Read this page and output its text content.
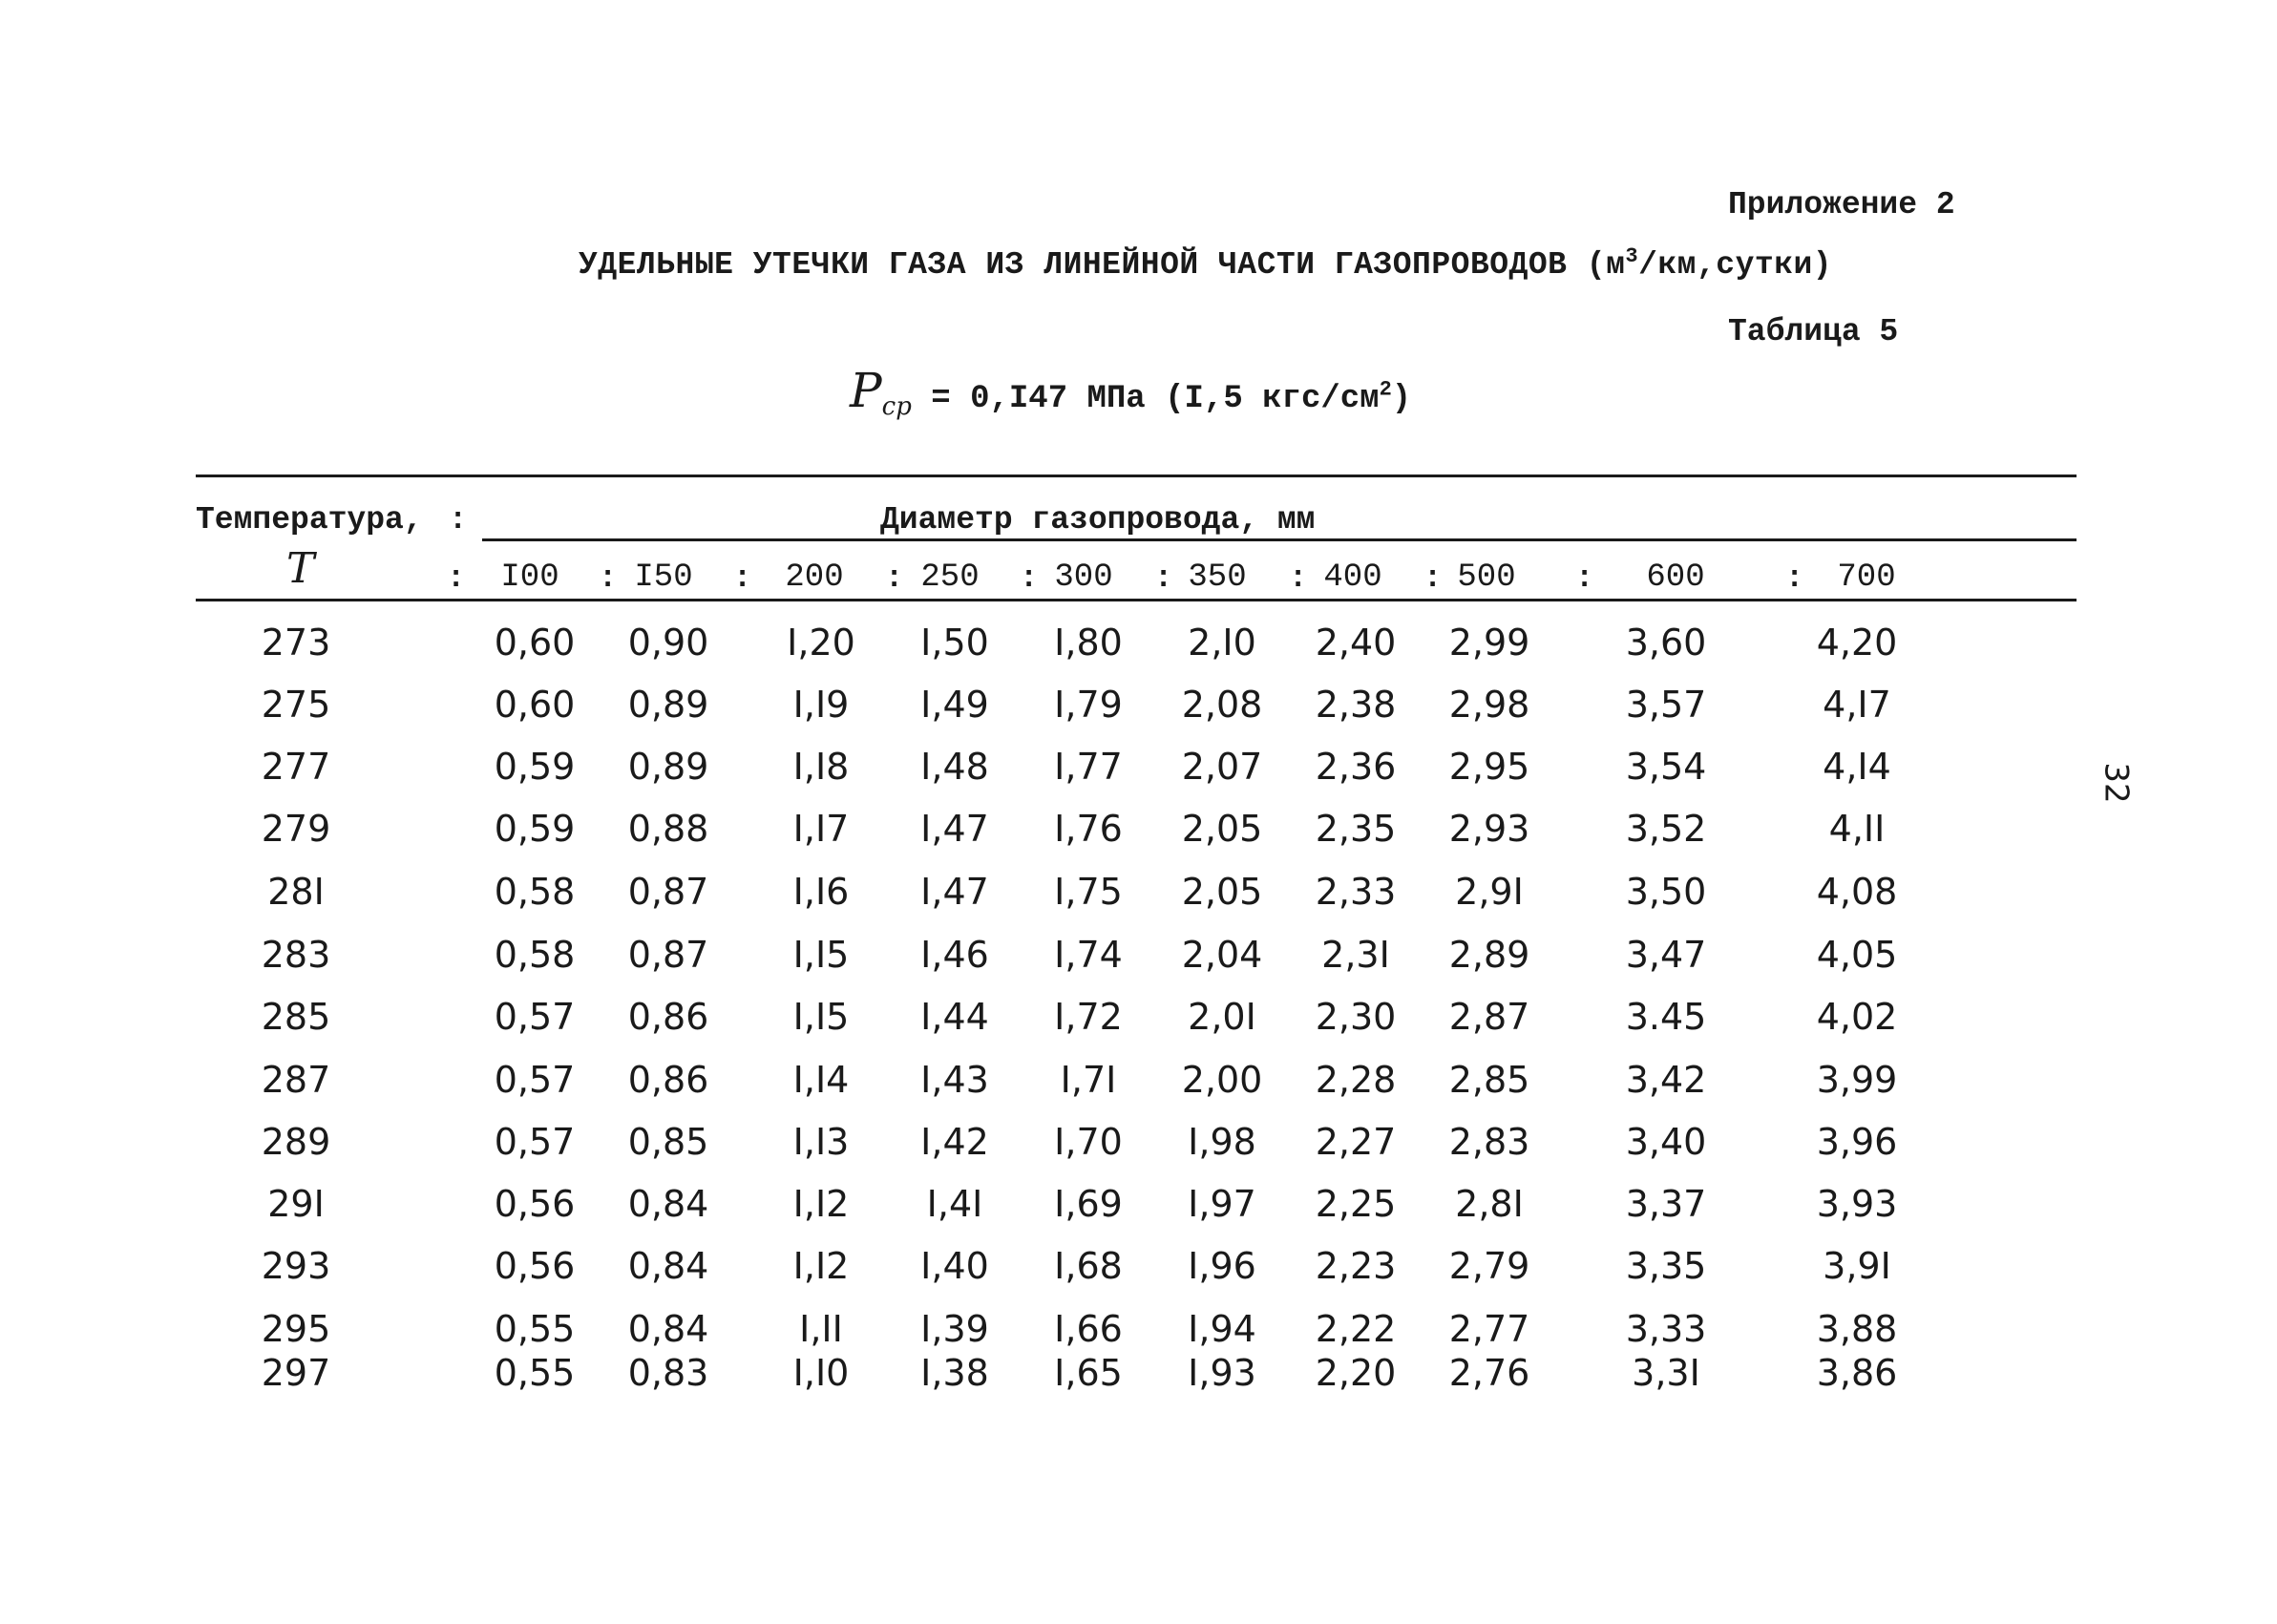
Приложение 2
УДЕЛЬНЫЕ УТЕЧКИ ГАЗА ИЗ ЛИНЕЙНОЙ ЧАСТИ ГАЗОПРОВОДОВ $(м^3/км,сутки)$
Таблица 5
$P_{ср} = 0,I47$ МПа (I,5 кгс/$см^2$)
32
Температура, :	Диаметр газопровода, мм
T	:	:	:	:	:	:	:	:	:	:
I00	I50	200	250	300	350	400	500	600	700
273	0,60	0,90	I,20	I,50	I,80	2,I0	2,40	2,99	3,60	4,20
275	0,60	0,89	I,I9	I,49	I,79	2,08	2,38	2,98	3,57	4,I7
277	0,59	0,89	I,I8	I,48	I,77	2,07	2,36	2,95	3,54	4,I4
279	0,59	0,88	I,I7	I,47	I,76	2,05	2,35	2,93	3,52	4,II
28I	0,58	0,87	I,I6	I,47	I,75	2,05	2,33	2,9I	3,50	4,08
283	0,58	0,87	I,I5	I,46	I,74	2,04	2,3I	2,89	3,47	4,05
285	0,57	0,86	I,I5	I,44	I,72	2,0I	2,30	2,87	3.45	4,02
287	0,57	0,86	I,I4	I,43	I,7I	2,00	2,28	2,85	3,42	3,99
289	0,57	0,85	I,I3	I,42	I,70	I,98	2,27	2,83	3,40	3,96
29I	0,56	0,84	I,I2	I,4I	I,69	I,97	2,25	2,8I	3,37	3,93
293	0,56	0,84	I,I2	I,40	I,68	I,96	2,23	2,79	3,35	3,9I
295	0,55	0,84	I,II	I,39	I,66	I,94	2,22	2,77	3,33	3,88
297	0,55	0,83	I,I0	I,38	I,65	I,93	2,20	2,76	3,3I	3,86
